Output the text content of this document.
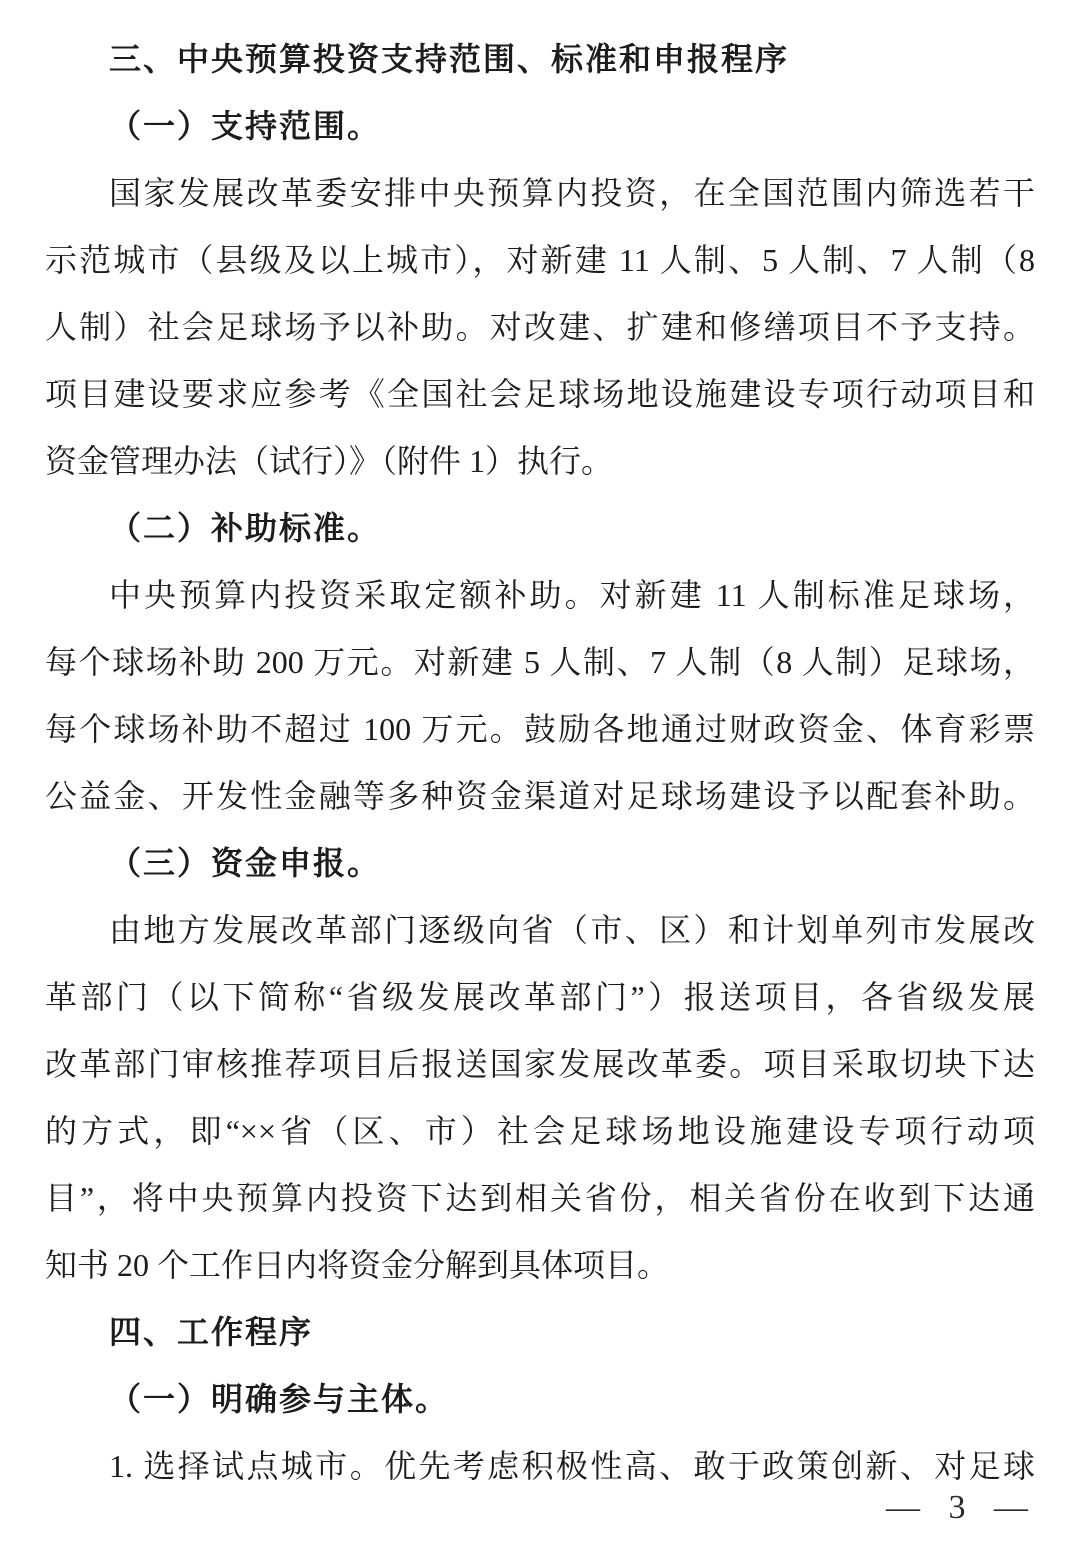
三、中央预算投资支持范围、标准和申报程序
（一）支持范围。
国家发展改革委安排中央预算内投资，在全国范围内筛选若干
示范城市（县级及以上城市），对新建 11 人制、5 人制、7 人制（8
人制）社会足球场予以补助。对改建、扩建和修缮项目不予支持。
项目建设要求应参考《全国社会足球场地设施建设专项行动项目和
资金管理办法（试行）》（附件 1）执行。
（二）补助标准。
中央预算内投资采取定额补助。对新建 11 人制标准足球场，
每个球场补助 200 万元。对新建 5 人制、7 人制（8 人制）足球场，
每个球场补助不超过 100 万元。鼓励各地通过财政资金、体育彩票
公益金、开发性金融等多种资金渠道对足球场建设予以配套补助。
（三）资金申报。
由地方发展改革部门逐级向省（市、区）和计划单列市发展改
革部门（以下简称“省级发展改革部门”）报送项目，各省级发展
改革部门审核推荐项目后报送国家发展改革委。项目采取切块下达
的方式，即“××省（区、市）社会足球场地设施建设专项行动项
目”，将中央预算内投资下达到相关省份，相关省份在收到下达通
知书 20 个工作日内将资金分解到具体项目。
四、工作程序
（一）明确参与主体。
1. 选择试点城市。优先考虑积极性高、敢于政策创新、对足球
— 3 —
